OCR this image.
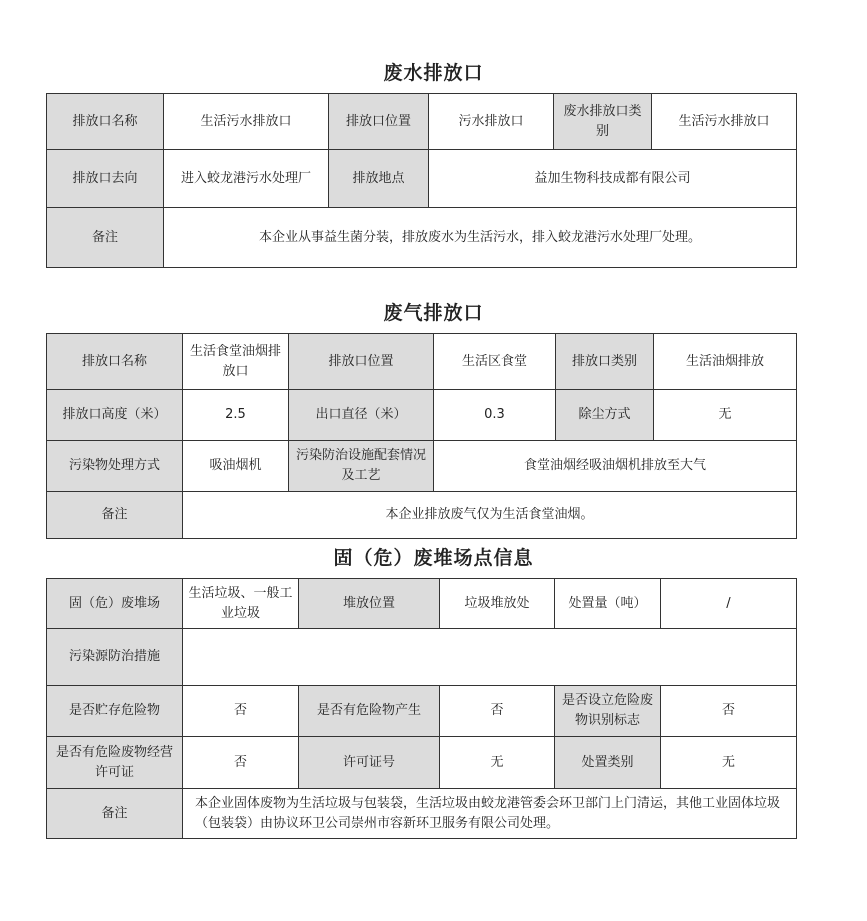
废水排放口
排放口名称	生活污水排放口	排放口位置	污水排放口	废水排放口类别	生活污水排放口
排放口去向	进入蛟龙港污水处理厂	排放地点	益加生物科技成都有限公司		
备注	本企业从事益生菌分装，排放废水为生活污水，排入蛟龙港污水处理厂处理。				
废气排放口
排放口名称	生活食堂油烟排放口	排放口位置	生活区食堂	排放口类别	生活油烟排放
排放口高度（米）	2.5	出口直径（米）	0.3	除尘方式	无
污染物处理方式	吸油烟机	污染防治设施配套情况及工艺	食堂油烟经吸油烟机排放至大气		
备注	本企业排放废气仅为生活食堂油烟。				
固（危）废堆场点信息
固（危）废堆场	生活垃圾、一般工业垃圾	堆放位置	垃圾堆放处	处置量（吨）	/
污染源防治措施					
是否贮存危险物	否	是否有危险物产生	否	是否设立危险废物识别标志	否
是否有危险废物经营许可证	否	许可证号	无	处置类别	无
备注	本企业固体废物为生活垃圾与包装袋，生活垃圾由蛟龙港管委会环卫部门上门清运，其他工业固体垃圾（包装袋）由协议环卫公司崇州市容新环卫服务有限公司处理。				
